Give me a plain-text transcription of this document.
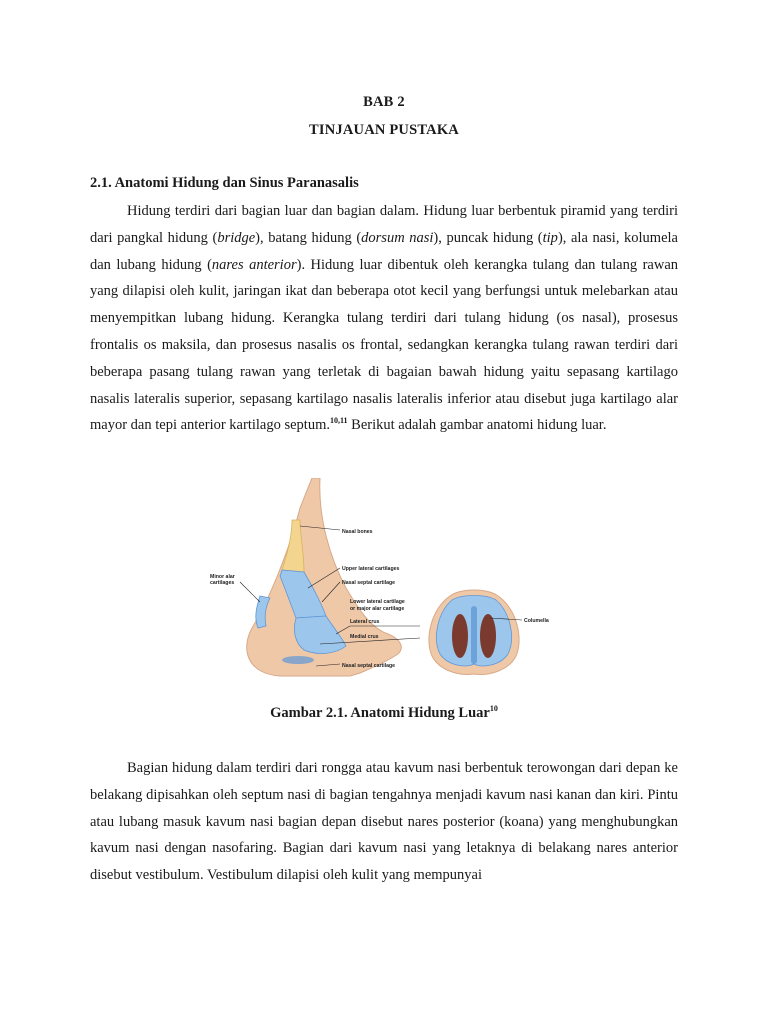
BAB 2
TINJAUAN PUSTAKA
2.1. Anatomi Hidung dan Sinus Paranasalis

Hidung terdiri dari bagian luar dan bagian dalam. Hidung luar berbentuk piramid yang terdiri dari pangkal hidung (bridge), batang hidung (dorsum nasi), puncak hidung (tip), ala nasi, kolumela dan lubang hidung (nares anterior). Hidung luar dibentuk oleh kerangka tulang dan tulang rawan yang dilapisi oleh kulit, jaringan ikat dan beberapa otot kecil yang berfungsi untuk melebarkan atau menyempitkan lubang hidung. Kerangka tulang terdiri dari tulang hidung (os nasal), prosesus frontalis os maksila, dan prosesus nasalis os frontal, sedangkan kerangka tulang rawan terdiri dari beberapa pasang tulang rawan yang terletak di bagaian bawah hidung yaitu sepasang kartilago nasalis lateralis superior, sepasang kartilago nasalis lateralis inferior atau disebut juga kartilago alar mayor dan tepi anterior kartilago septum.$^{10,11}$ Berikut adalah gambar anatomi hidung luar.

Nasal bones
Upper lateral cartilages
Nasal septal cartilage
Lower lateral cartilage
or major alar cartilage
Lateral crus
Medial crus
Nasal septal cartilage
Minor alar
cartilages
Columella
Gambar 2.1. Anatomi Hidung Luar$^{10}$

Bagian hidung dalam terdiri dari rongga atau kavum nasi berbentuk terowongan dari depan ke belakang dipisahkan oleh septum nasi di bagian tengahnya menjadi kavum nasi kanan dan kiri. Pintu atau lubang masuk kavum nasi bagian depan disebut nares posterior (koana) yang menghubungkan kavum nasi dengan nasofaring. Bagian dari kavum nasi yang letaknya di belakang nares anterior disebut vestibulum. Vestibulum dilapisi oleh kulit yang mempunyai
